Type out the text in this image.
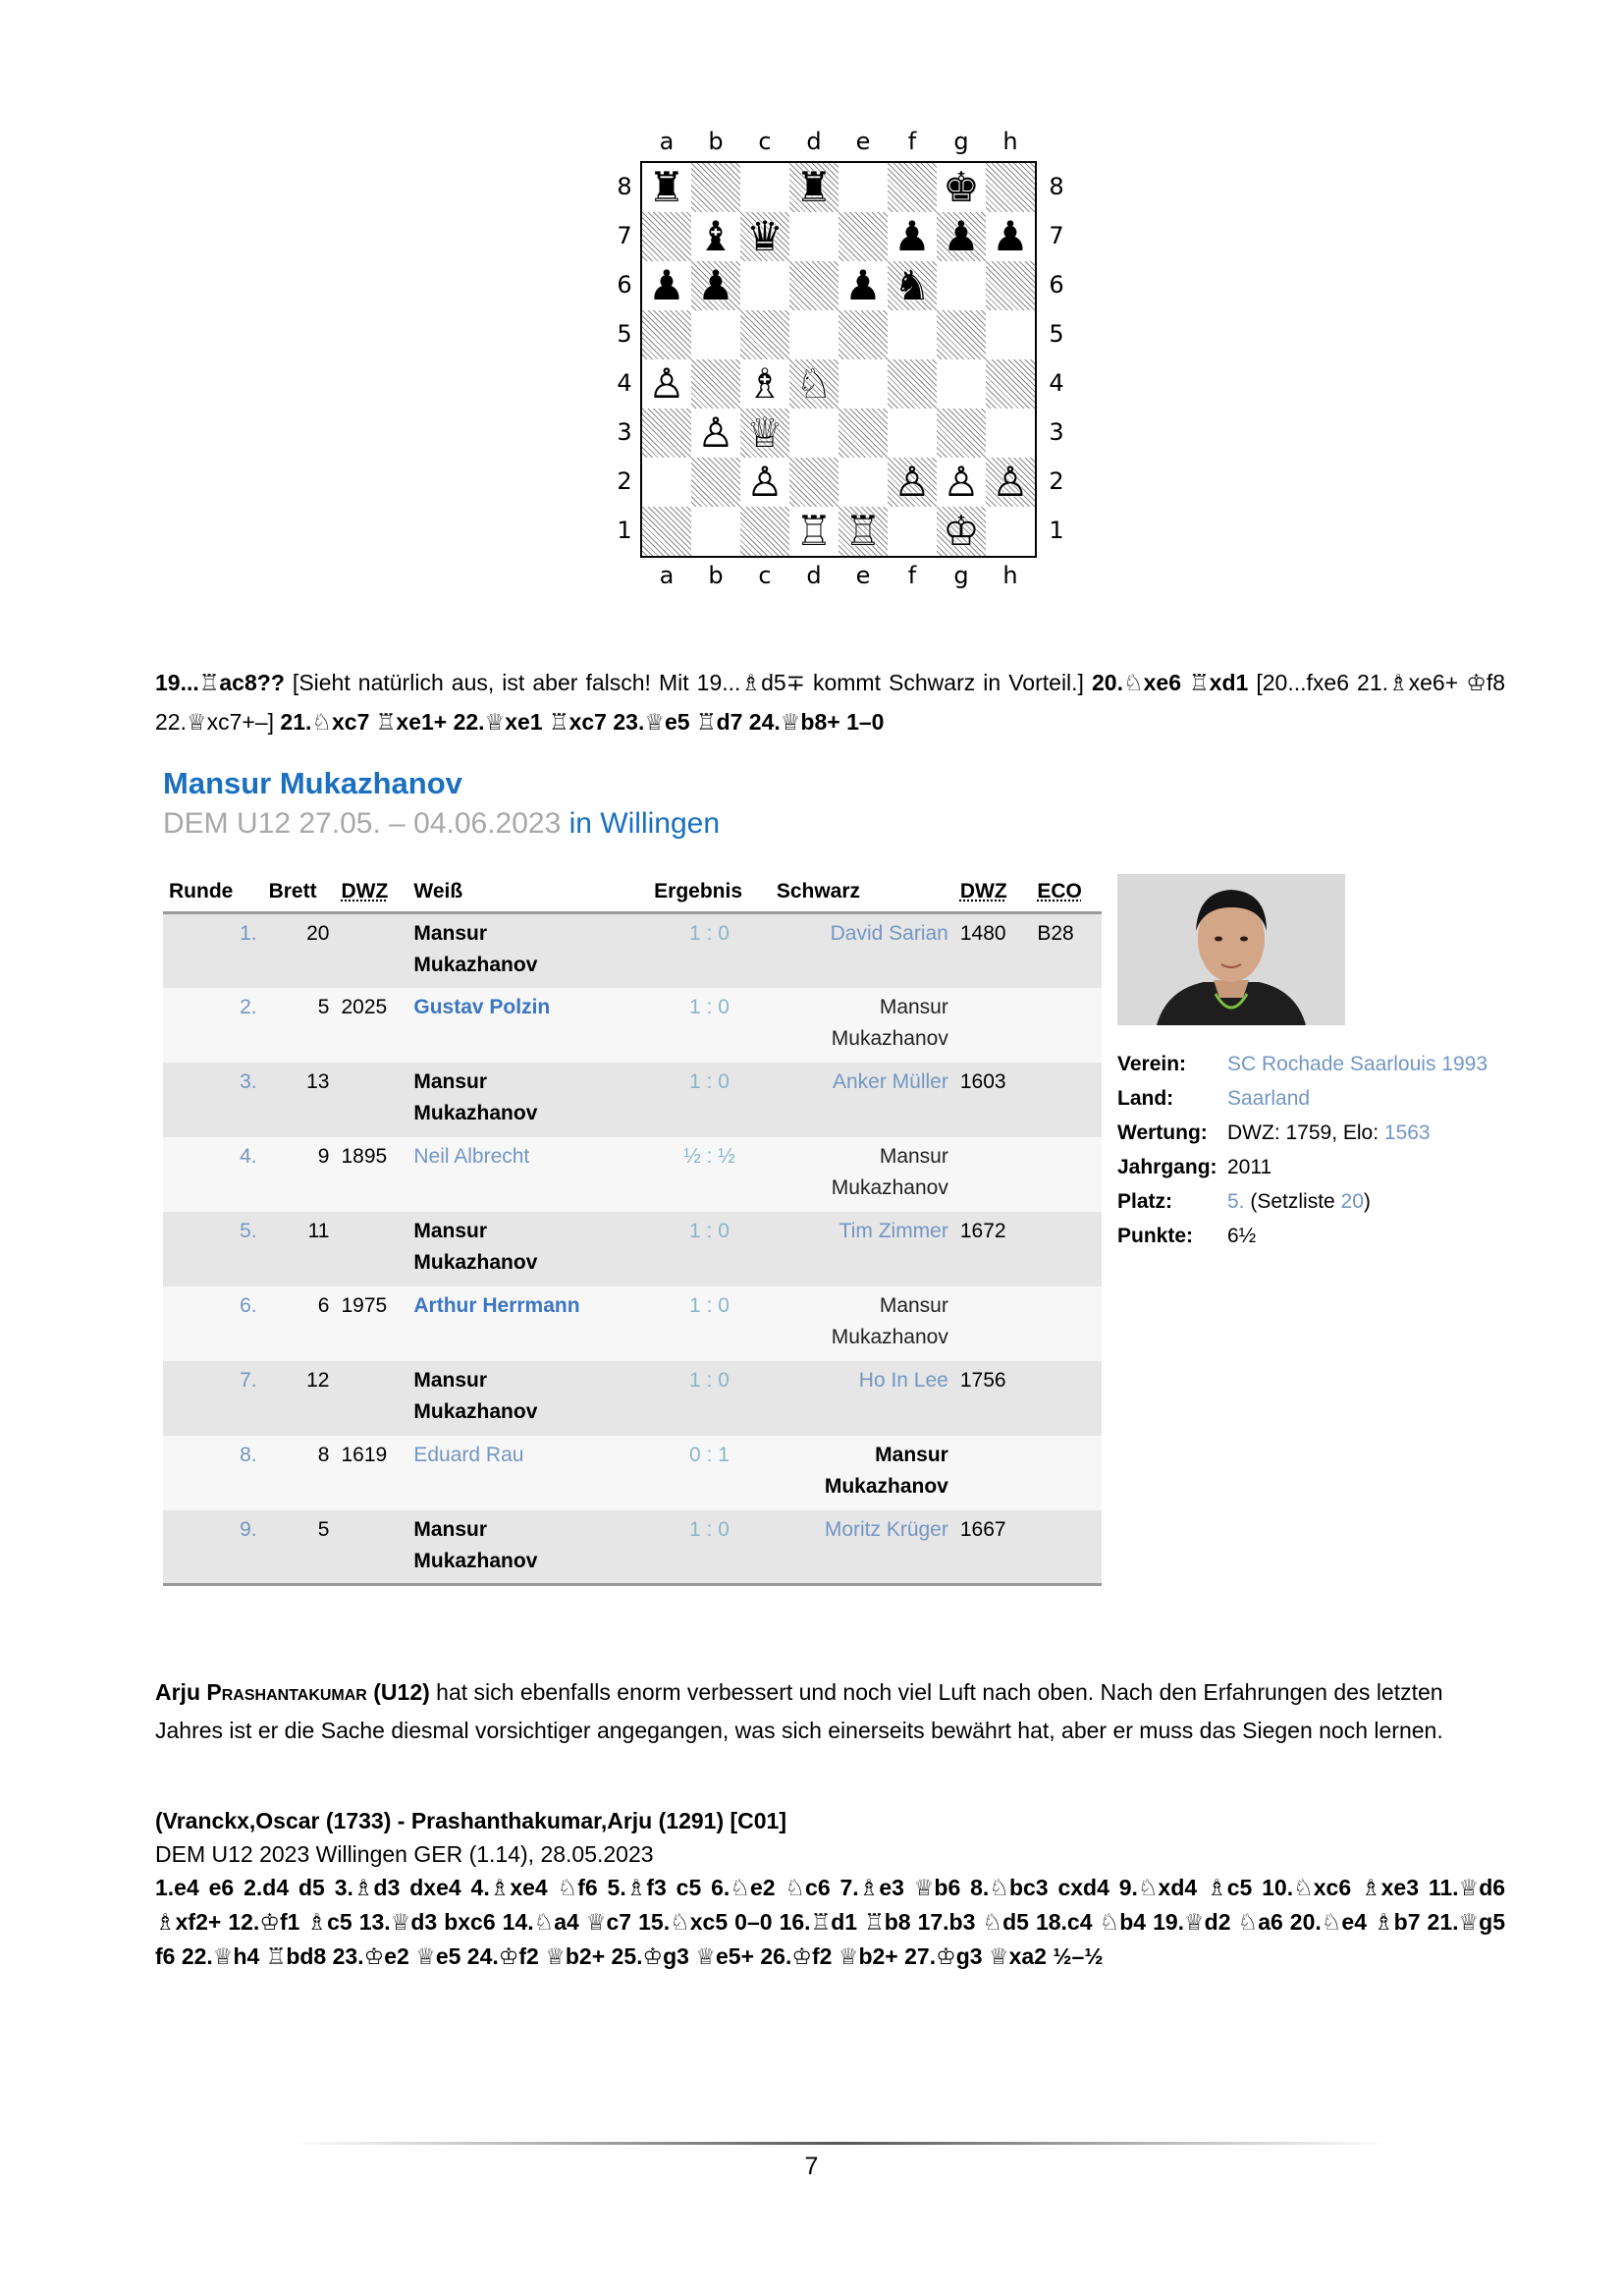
♜	♜	♚
♝ ♛	♟ ♟ ♟
♟ ♟	♟ ♞
♙ ♗ ♘
♙ ♕
♙	♙ ♙ ♙
♖ ♖ ♔
a
a
b
b
c
c
d
d
e
e
f
f
g
g
h
h
8	8
7	7
6	6
5	5
4	4
3	3
2	2
1	1
19...♖ac8?? [Sieht natürlich aus, ist aber falsch! Mit 19...♗d5∓ kommt Schwarz in Vorteil.] 20.♘xe6 ♖xd1 [20...fxe6 21.♗xe6+ ♔f8 22.♕xc7+–] 21.♘xc7 ♖xe1+ 22.♕xe1 ♖xc7 23.♕e5 ♖d7 24.♕b8+ 1–0
Mansur Mukazhanov
DEM U12 27.05. – 04.06.2023 in Willingen
Runde	Brett	DWZ	Weiß	Ergebnis	Schwarz	DWZ	ECO
1.	20		Mansur
Mukazhanov	1 : 0	David Sarian	1480	B28
2.	5	2025	Gustav Polzin	1 : 0	Mansur
Mukazhanov		
3.	13		Mansur
Mukazhanov	1 : 0	Anker Müller	1603	
4.	9	1895	Neil Albrecht	½ : ½	Mansur
Mukazhanov		
5.	11		Mansur
Mukazhanov	1 : 0	Tim Zimmer	1672	
6.	6	1975	Arthur Herrmann	1 : 0	Mansur
Mukazhanov		
7.	12		Mansur
Mukazhanov	1 : 0	Ho In Lee	1756	
8.	8	1619	Eduard Rau	0 : 1	Mansur
Mukazhanov		
9.	5		Mansur
Mukazhanov	1 : 0	Moritz Krüger	1667	
Verein: SC Rochade Saarlouis 1993
Land:	Saarland
Wertung: DWZ: 1759, Elo: 1563
Jahrgang: 2011
Platz:	5. (Setzliste 20)
Punkte: 6½
Arju Prashantakumar (U12) hat sich ebenfalls enorm verbessert und noch viel Luft nach oben. Nach den Erfahrungen des letzten Jahres ist er die Sache diesmal vorsichtiger angegangen, was sich einerseits bewährt hat, aber er muss das Siegen noch lernen.
(Vranckx,Oscar (1733) - Prashanthakumar,Arju (1291) [C01]
DEM U12 2023 Willingen GER (1.14), 28.05.2023
1.e4 e6 2.d4 d5 3.♗d3 dxe4 4.♗xe4 ♘f6 5.♗f3 c5 6.♘e2 ♘c6 7.♗e3 ♕b6 8.♘bc3 cxd4 9.♘xd4 ♗c5 10.♘xc6 ♗xe3 11.♕d6 ♗xf2+ 12.♔f1 ♗c5 13.♕d3 bxc6 14.♘a4 ♕c7 15.♘xc5 0–0 16.♖d1 ♖b8 17.b3 ♘d5 18.c4 ♘b4 19.♕d2 ♘a6 20.♘e4 ♗b7 21.♕g5 f6 22.♕h4 ♖bd8 23.♔e2 ♕e5 24.♔f2 ♕b2+ 25.♔g3 ♕e5+ 26.♔f2 ♕b2+ 27.♔g3 ♕xa2 ½–½
7
